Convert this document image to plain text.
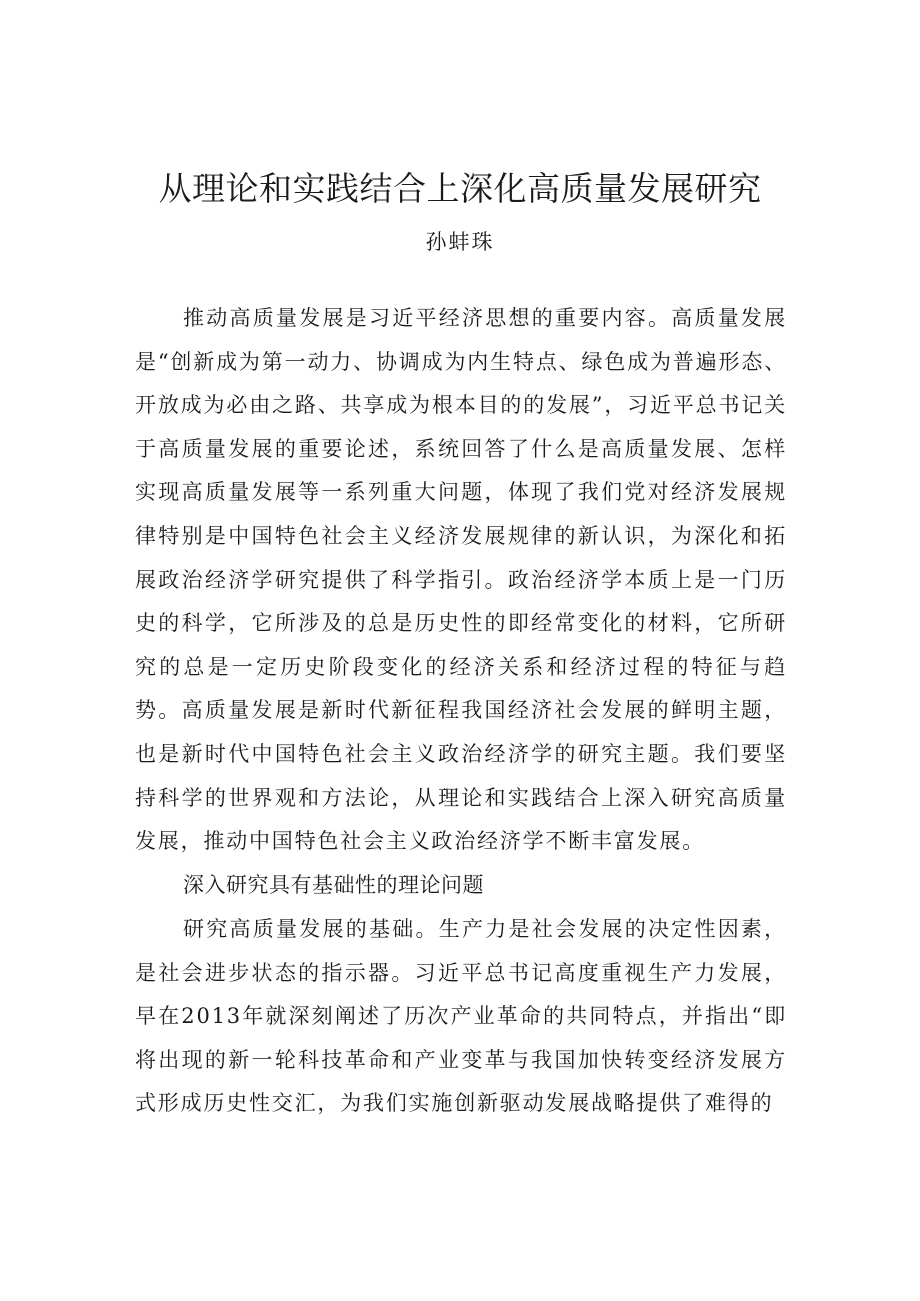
从理论和实践结合上深化高质量发展研究
孙蚌珠

推动高质量发展是习近平经济思想的重要内容。高质量发展是“创新成为第一动力、协调成为内生特点、绿色成为普遍形态、开放成为必由之路、共享成为根本目的的发展”，习近平总书记关于高质量发展的重要论述，系统回答了什么是高质量发展、怎样实现高质量发展等一系列重大问题，体现了我们党对经济发展规律特别是中国特色社会主义经济发展规律的新认识，为深化和拓展政治经济学研究提供了科学指引。政治经济学本质上是一门历史的科学，它所涉及的总是历史性的即经常变化的材料，它所研究的总是一定历史阶段变化的经济关系和经济过程的特征与趋势。高质量发展是新时代新征程我国经济社会发展的鲜明主题，也是新时代中国特色社会主义政治经济学的研究主题。我们要坚持科学的世界观和方法论，从理论和实践结合上深入研究高质量发展，推动中国特色社会主义政治经济学不断丰富发展。

深入研究具有基础性的理论问题

研究高质量发展的基础。生产力是社会发展的决定性因素，是社会进步状态的指示器。习近平总书记高度重视生产力发展，早在2013年就深刻阐述了历次产业革命的共同特点，并指出“即将出现的新一轮科技革命和产业变革与我国加快转变经济发展方式形成历史性交汇，为我们实施创新驱动发展战略提供了难得的
